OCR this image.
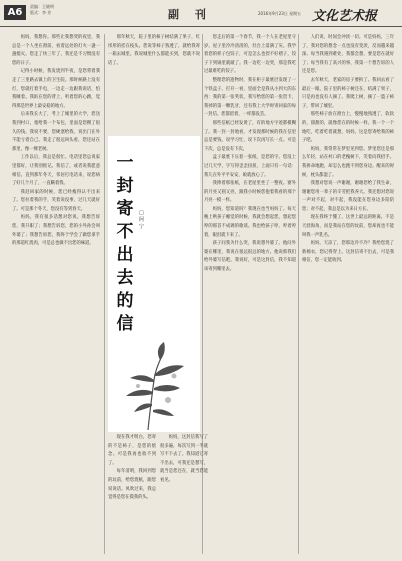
A6
责编：王晓明
版式：李 芳	副 刊	2016年9月23日 星期五 文化艺术报

妈妈，我想你。那些让我想哭的夜里，我总是一个人坐在窗前，看着远处的灯火一盏一盏熄灭。您走了快三年了，我还是不习惯没有您的日子。

记得小时候，我发烧到半夜，是您背着我走了三里路去镇上的卫生院。那时候路上没有灯，您就打着手电，一边走一边跟我说话，怕我睡着。我趴在您的背上，听着您的心跳，觉得那是世界上最安稳的地方。

后来我长大了，考上了城里的大学，您送我到村口，塞给我一个布包，里面是您攒了很久的钱。我说不要，您硬塞给我，说出门在外不能亏着自己。我走了很远回头看，您还站在那里，像一棵老树。

工作以后，我总是很忙。电话里您总说家里都好，让我别惦记。我信了，或者说我愿意相信。直到那年冬天，邻居打电话来，说您病了好几个月了，一直瞒着我。

我赶回家的时候，您已经瘦得认不出来了。您拉着我的手，笑着说没事，过几天就好了。可是那个冬天，您没有等到春天。

妈妈，我有很多话想对您说。我想告诉您，我升职了；我想告诉您，您的小外孙会叫外婆了；我想告诉您，我终于学会了做您拿手的那道红烧肉，可是总也做不出您的味道。

那年秋天，院子里的柿子树结满了果子，红彤彤的挂在枝头。您说等柿子熟透了，就给我寄一箱去城里。我说城里什么都能买到，您就不说话了。

一封寄不出去的信
□ 阿 宁

现在我才明白，您寄的不是柿子，是您的惦念。可是我再也收不到了。

每年清明，我回到您的坟前，给您烧纸，跟您说说话。风吹过来，我总觉得是您在摸我的头。

妈妈，这封信我写了很多遍，每次写到一半就写不下去了。我知道它寄不出去，可我还是想写，就当是您还在，就当您能看见。

您走后的第一个春节，我一个人在老屋里守岁。屋子里冷冷清清的，灶台上落满了灰。我学着您的样子包饺子，可是怎么也捏不好褶子，饺子下到锅里就破了。我一边吃一边哭，那是我吃过最难吃的饺子。

整理您的遗物时，我在柜子最底层发现了一个铁盒子。打开一看，里面全是我从小到大的东西：我的第一张奖状，我写给您的第一张贺卡，我掉的第一颗乳牙，还有我上大学时寄回家的每一封信。您都留着，一样都没丢。

那些信纸已经发黄了，有的地方字迹都模糊了。我一封一封地看，才发现那时候的我在信里总是要钱，说学习忙，说下次再写长一点。可是下次，总是没有下次。

盒子最底下压着一张纸，是您的字。您没上过几天学，字写得歪歪扭扭，上面只有一句话：我儿在外平平安安，娘就放心了。

我捧着那张纸，在老屋里坐了一整夜。窗外的月亮又圆又亮，跟我小时候您抱着我看的那个月亮一模一样。

妈妈，您知道吗？我现在也当妈妈了。每天晚上哄孩子睡觉的时候，我就会想起您，想起您哼的那首不成调的歌谣。我也给孩子哼，哼着哼着，眼泪就下来了。

孩子问我为什么哭，我说想外婆了。他问外婆在哪里，我说在很远很远的地方。他说那我们给外婆写信吧。我说好，可是这封信，我不知道该寄到哪里去。

人们说，时间会冲淡一切。可是妈妈，三年了，我对您的想念一点也没有变淡，反而越来越深。每当我遇到难处，我都会想，要是您在就好了；每当我有了高兴的事，我第一个想告诉的人还是您。

去年秋天，老家的房子要拆了。我回去看了最后一眼。院子里的柿子树还在，结满了果子，只是再也没有人摘了。我爬上树，摘了一篮子柿子，带回了城里。

那些柿子放在窗台上，慢慢地熟透了，软软的，甜甜的，就像您在的时候一样。我一个一个地吃，吃着吃着就想，妈妈，这是您寄给我的柿子吧。

妈妈，我常常在梦里见到您。梦里您还是那么年轻，站在村口的老槐树下，笑着向我招手。我拼命地跑，却怎么也跑不到您身边。醒来的时候，枕头都湿了。

我想对您说一声谢谢，谢谢您给了我生命，谢谢您用一辈子的辛劳把我养大。我还想对您说一声对不起，对不起，我没能在您身边多陪陪您；对不起，我总是以为来日方长。

现在我终于懂了，这世上最远的距离，不是天涯海角，而是我站在您的坟前，您却再也不能叫我一声乳名。

妈妈，天凉了，您那边冷不冷？我给您烧了新棉衣，您记得穿上。这封信寄不出去，可是我相信，您一定能收到。
